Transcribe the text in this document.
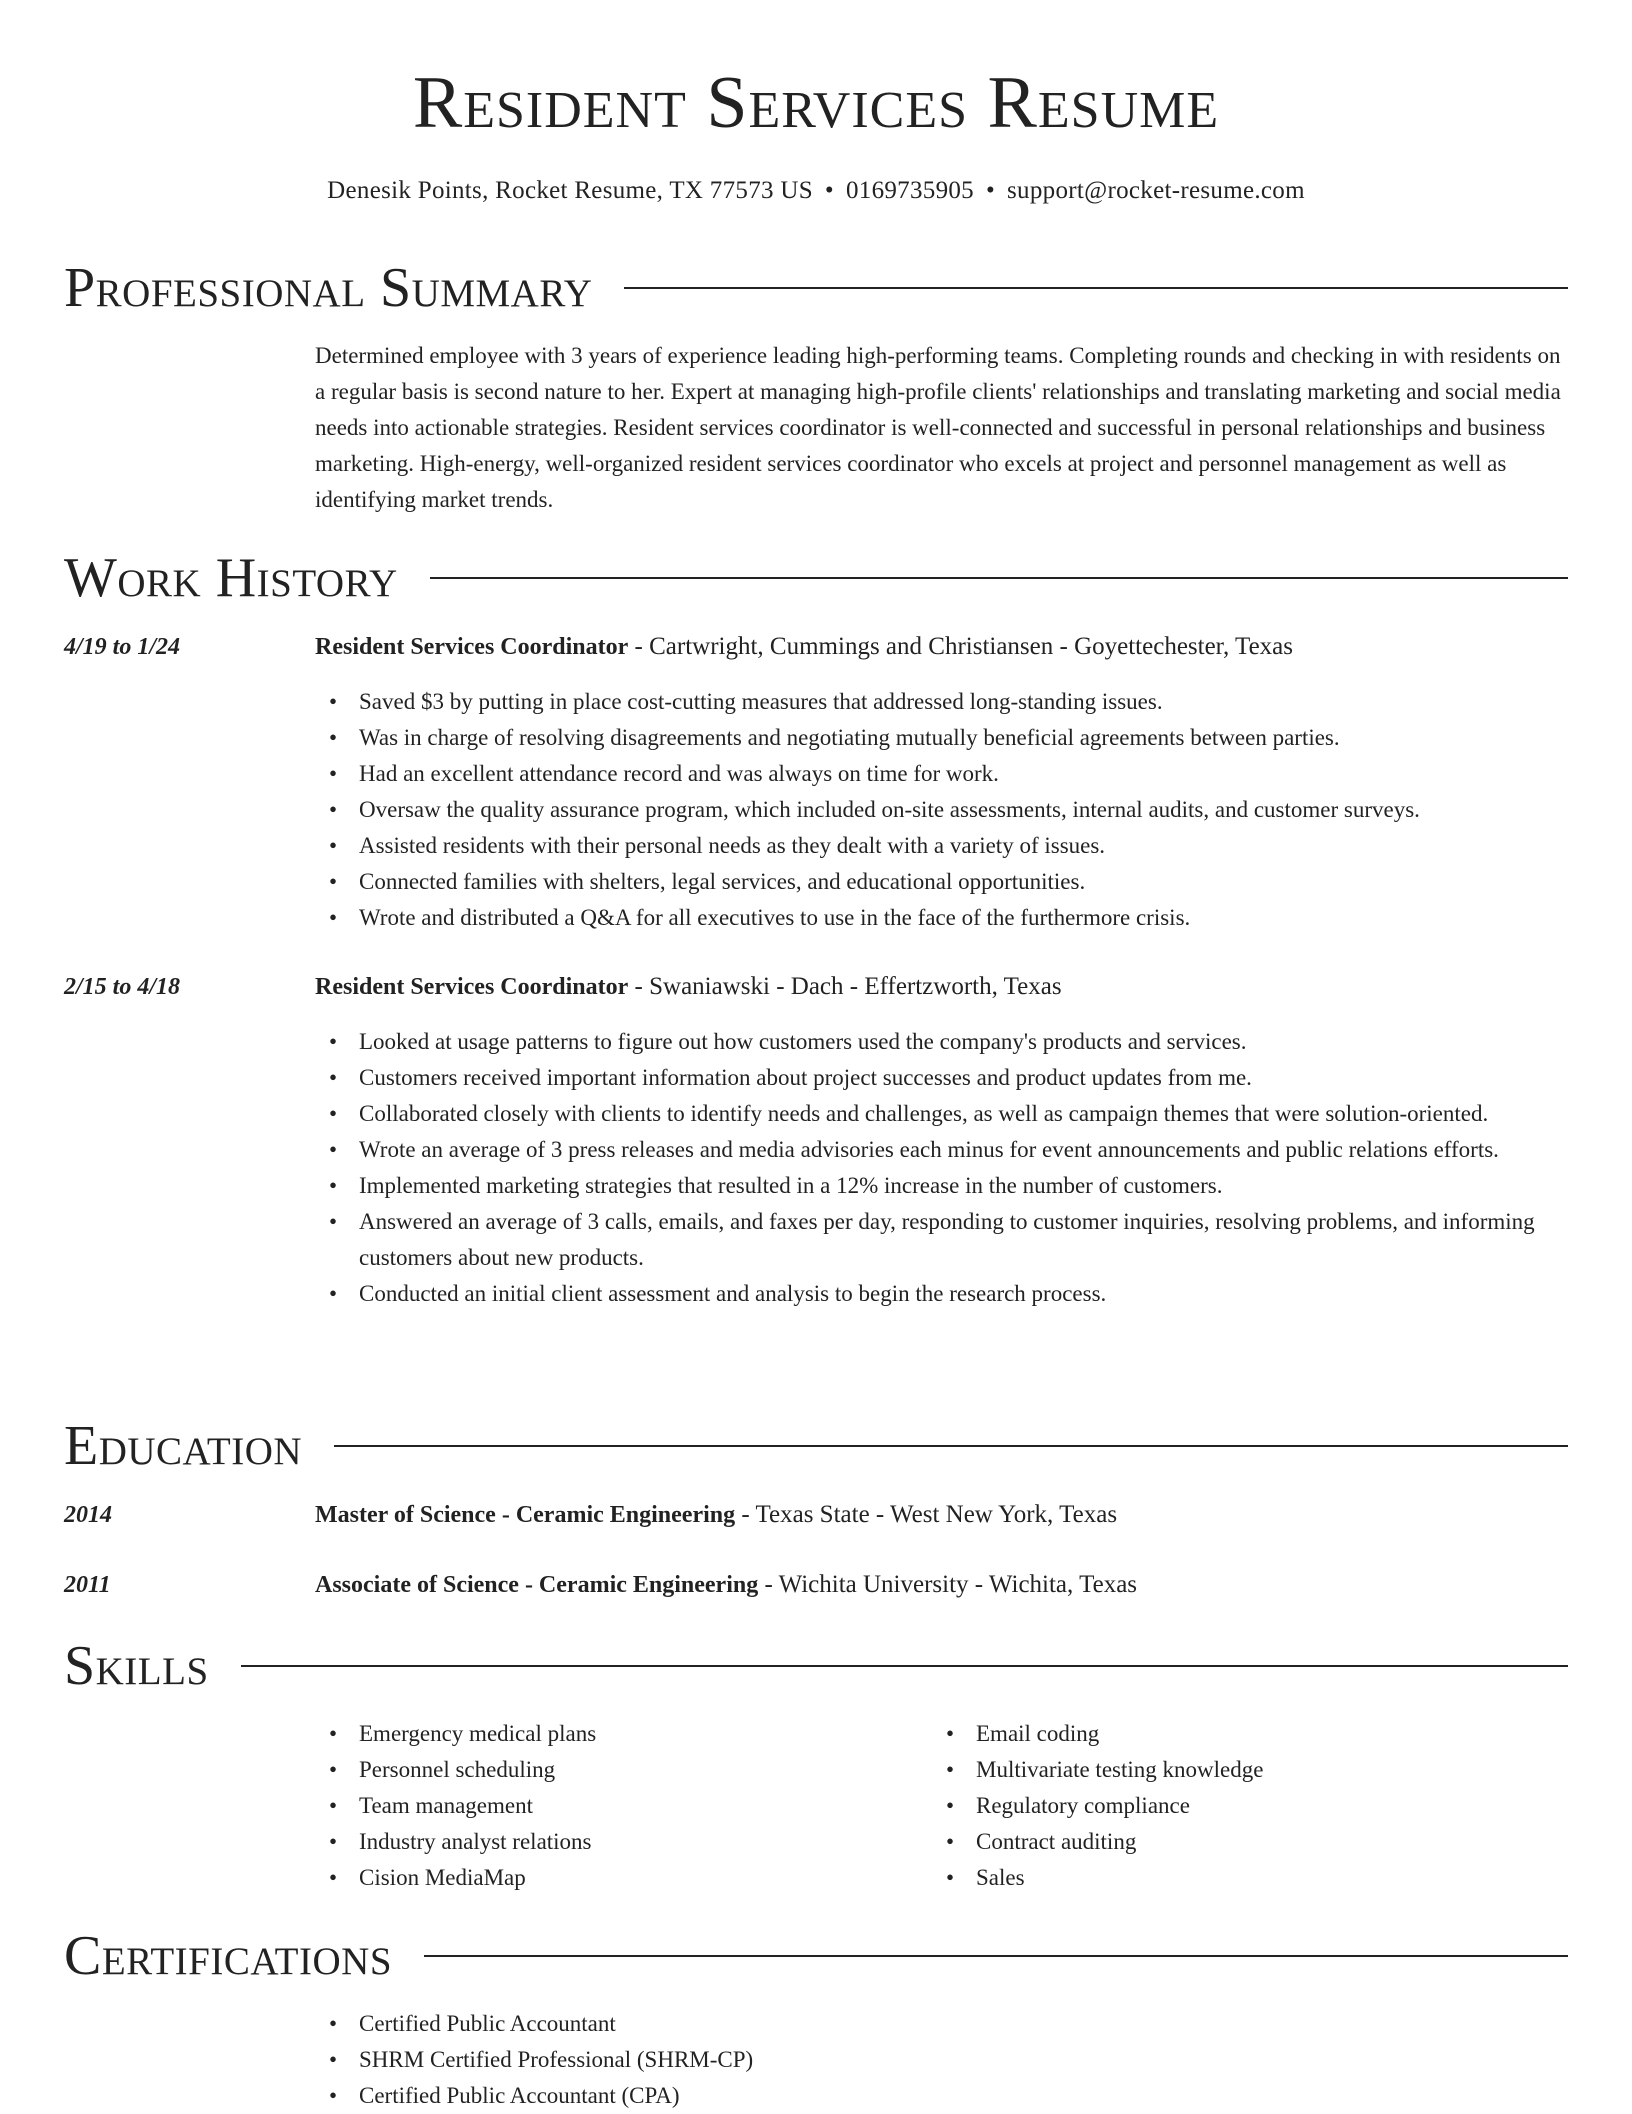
Resident Services Resume
Denesik Points, Rocket Resume, TX 77573 US • 0169735905 • support@rocket-resume.com
Professional Summary

Determined employee with 3 years of experience leading high-performing teams. Completing rounds and checking in with residents on a regular basis is second nature to her. Expert at managing high-profile clients' relationships and translating marketing and social media needs into actionable strategies. Resident services coordinator is well-connected and successful in personal relationships and business marketing. High-energy, well-organized resident services coordinator who excels at project and personnel management as well as identifying market trends.

Work History
4/19 to 1/24	Resident Services Coordinator - Cartwright, Cummings and Christiansen - Goyettechester, Texas
• Saved $3 by putting in place cost-cutting measures that addressed long-standing issues.
• Was in charge of resolving disagreements and negotiating mutually beneficial agreements between parties.
• Had an excellent attendance record and was always on time for work.
• Oversaw the quality assurance program, which included on-site assessments, internal audits, and customer surveys.
• Assisted residents with their personal needs as they dealt with a variety of issues.
• Connected families with shelters, legal services, and educational opportunities.
• Wrote and distributed a Q&A for all executives to use in the face of the furthermore crisis.
2/15 to 4/18	Resident Services Coordinator - Swaniawski - Dach - Effertzworth, Texas
• Looked at usage patterns to figure out how customers used the company's products and services.
• Customers received important information about project successes and product updates from me.
• Collaborated closely with clients to identify needs and challenges, as well as campaign themes that were solution-oriented.
• Wrote an average of 3 press releases and media advisories each minus for event announcements and public relations efforts.
• Implemented marketing strategies that resulted in a 12% increase in the number of customers.
• Answered an average of 3 calls, emails, and faxes per day, responding to customer inquiries, resolving problems, and informing customers about new products.
• Conducted an initial client assessment and analysis to begin the research process.
Education
2014	Master of Science - Ceramic Engineering - Texas State - West New York, Texas
2011	Associate of Science - Ceramic Engineering - Wichita University - Wichita, Texas
Skills
• Emergency medical plans
• Personnel scheduling
• Team management
• Industry analyst relations
• Cision MediaMap
• Email coding
• Multivariate testing knowledge
• Regulatory compliance
• Contract auditing
• Sales
Certifications
• Certified Public Accountant
• SHRM Certified Professional (SHRM-CP)
• Certified Public Accountant (CPA)
